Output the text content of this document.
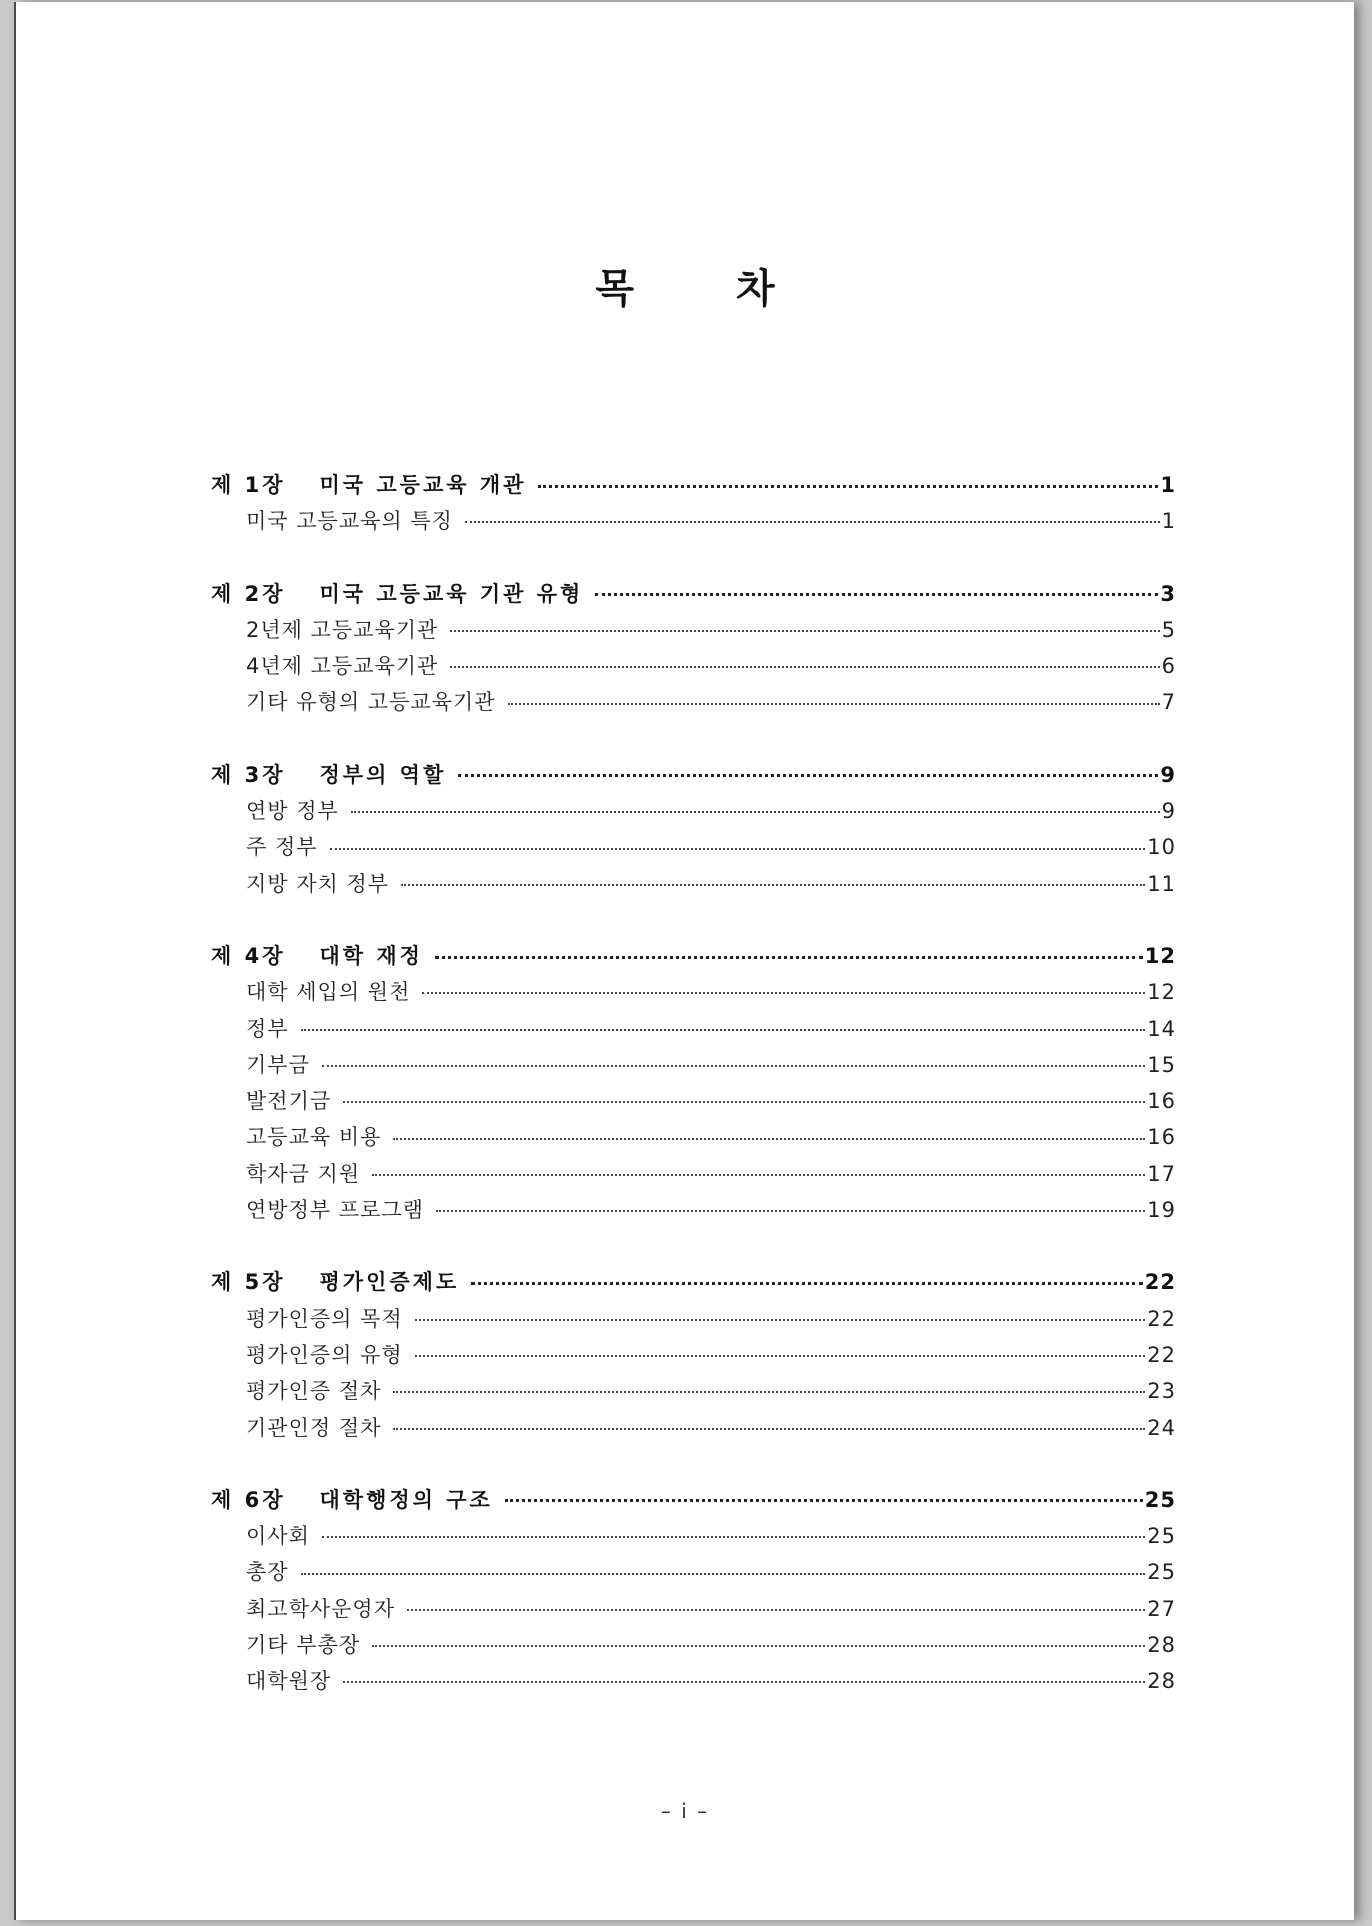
목 차
제 1장 미국 고등교육 개관	1
미국 고등교육의 특징	1
제 2장 미국 고등교육 기관 유형	3
2년제 고등교육기관	5
4년제 고등교육기관	6
기타 유형의 고등교육기관	7
제 3장 정부의 역할	9
연방 정부	9
주 정부	10
지방 자치 정부	11
제 4장 대학 재정	12
대학 세입의 원천	12
정부	14
기부금	15
발전기금	16
고등교육 비용	16
학자금 지원	17
연방정부 프로그램	19
제 5장 평가인증제도	22
평가인증의 목적	22
평가인증의 유형	22
평가인증 절차	23
기관인정 절차	24
제 6장 대학행정의 구조	25
이사회	25
총장	25
최고학사운영자	27
기타 부총장	28
대학원장	28
– i –
